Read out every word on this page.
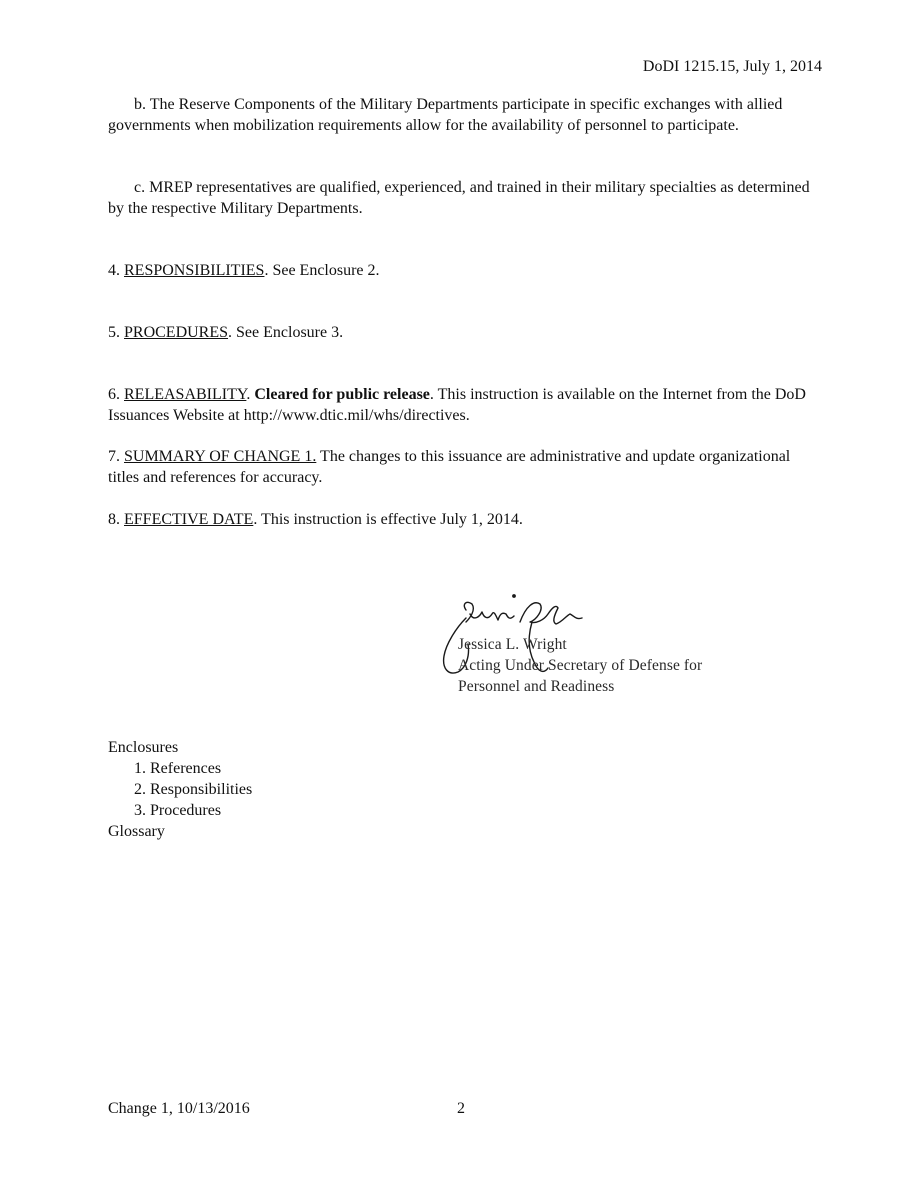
DoDI 1215.15, July 1, 2014
b. The Reserve Components of the Military Departments participate in specific exchanges with allied governments when mobilization requirements allow for the availability of personnel to participate.
c. MREP representatives are qualified, experienced, and trained in their military specialties as determined by the respective Military Departments.
4. RESPONSIBILITIES. See Enclosure 2.
5. PROCEDURES. See Enclosure 3.
6. RELEASABILITY. Cleared for public release. This instruction is available on the Internet from the DoD Issuances Website at http://www.dtic.mil/whs/directives.
7. SUMMARY OF CHANGE 1. The changes to this issuance are administrative and update organizational titles and references for accuracy.
8. EFFECTIVE DATE. This instruction is effective July 1, 2014.
Jessica L. Wright
Acting Under Secretary of Defense for
Personnel and Readiness
Enclosures
1. References
2. Responsibilities
3. Procedures
Glossary
Change 1, 10/13/2016	2
